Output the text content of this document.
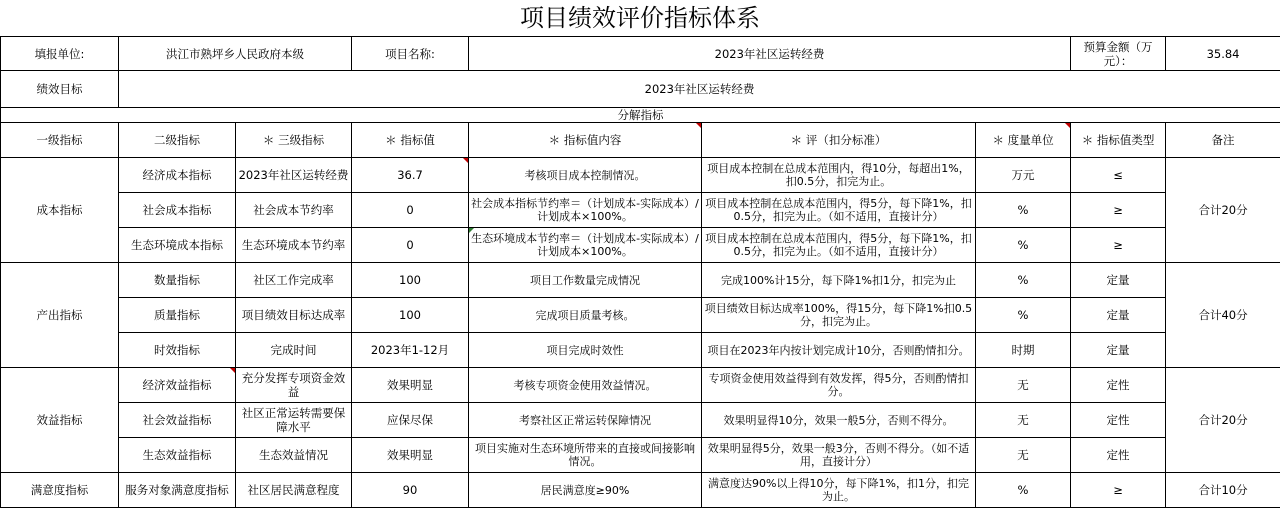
项目绩效评价指标体系
填报单位:	洪江市熟坪乡人民政府本级		项目名称:	2023年社区运转经费			预算金额（万元）：	35.84
绩效目标	2023年社区运转经费							
分解指标								
一级指标	二级指标	＊ 三级指标	＊ 指标值	＊ 指标值内容	＊ 评（扣分标准）	＊ 度量单位	＊ 指标值类型	备注
成本指标	经济成本指标	2023年社区运转经费	36.7	考核项目成本控制情况。	项目成本控制在总成本范围内，得10分，每超出1%，扣0.5分，扣完为止。	万元	≤	合计20分
	社会成本指标	社会成本节约率	0	社会成本指标节约率＝（计划成本-实际成本）/计划成本×100%。	项目成本控制在总成本范围内，得5分，每下降1%，扣0.5分，扣完为止。（如不适用，直接计分）	%	≥	
	生态环境成本指标	生态环境成本节约率	0	生态环境成本节约率＝（计划成本-实际成本）/计划成本×100%。	项目成本控制在总成本范围内，得5分，每下降1%，扣0.5分，扣完为止。（如不适用，直接计分）	%	≥	
产出指标	数量指标	社区工作完成率	100	项目工作数量完成情况	完成100%计15分，每下降1%扣1分，扣完为止	%	定量	合计40分
	质量指标	项目绩效目标达成率	100	完成项目质量考核。	项目绩效目标达成率100%，得15分，每下降1%扣0.5分，扣完为止。	%	定量	
	时效指标	完成时间	2023年1-12月	项目完成时效性	项目在2023年内按计划完成计10分，否则酌情扣分。	时期	定量	
效益指标	经济效益指标	充分发挥专项资金效益	效果明显	考核专项资金使用效益情况。	专项资金使用效益得到有效发挥，得5分，否则酌情扣分。	无	定性	合计20分
	社会效益指标	社区正常运转需要保障水平	应保尽保	考察社区正常运转保障情况	效果明显得10分，效果一般5分，否则不得分。	无	定性	
	生态效益指标	生态效益情况	效果明显	项目实施对生态环境所带来的直接或间接影响情况。	效果明显得5分，效果一般3分，否则不得分。（如不适用，直接计分）	无	定性	
满意度指标	服务对象满意度指标	社区居民满意程度	90	居民满意度≥90%	满意度达90%以上得10分，每下降1%，扣1分，扣完为止。	%	≥	合计10分
